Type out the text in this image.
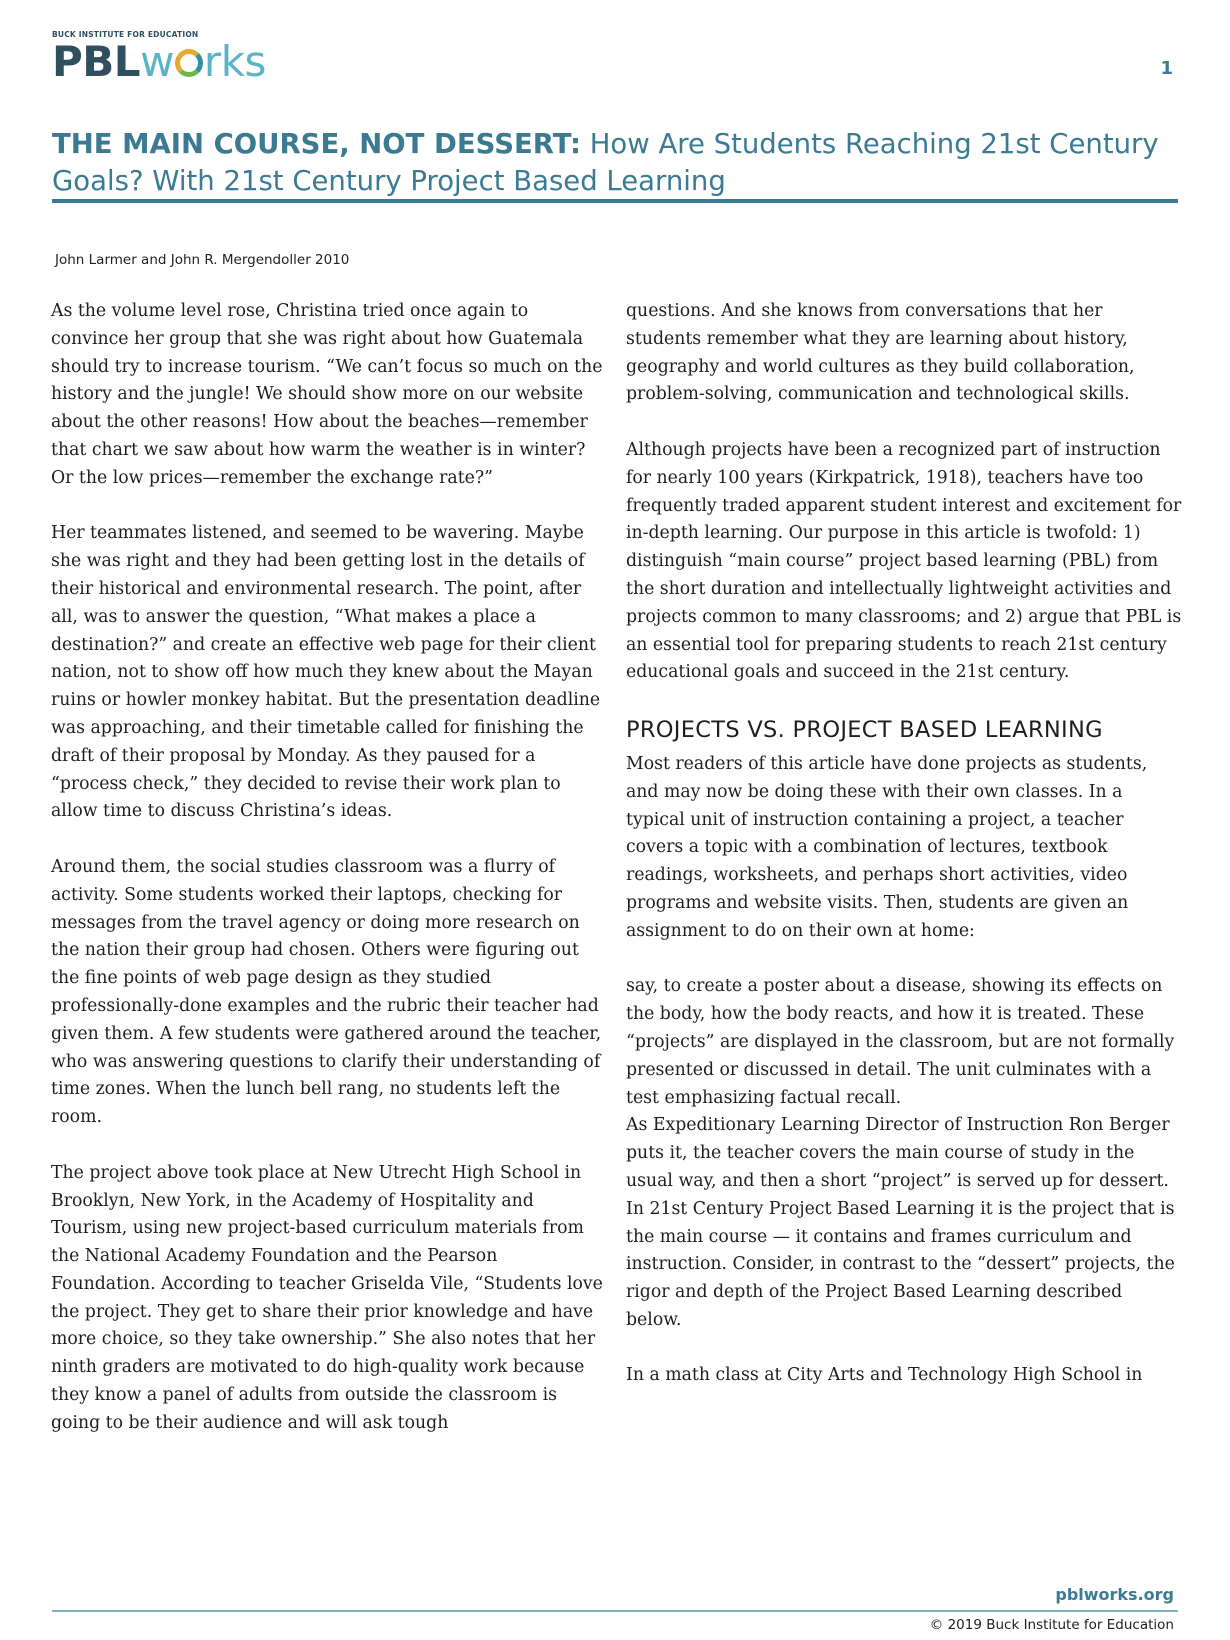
BUCK INSTITUTE FOR EDUCATION
PBLw rks	1
THE MAIN COURSE, NOT DESSERT: How Are Students Reaching 21st Century Goals? With 21st Century Project Based Learning
John Larmer and John R. Mergendoller 2010

As the volume level rose, Christina tried once again to convince her group that she was right about how Guatemala should try to increase tourism. “We can’t focus so much on the history and the jungle! We should show more on our website about the other reasons! How about the beaches—remember that chart we saw about how warm the weather is in winter? Or the low prices—remember the exchange rate?”

Her teammates listened, and seemed to be wavering. Maybe she was right and they had been getting lost in the details of their historical and environmental research. The point, after all, was to answer the question, “What makes a place a destination?” and create an effective web page for their client nation, not to show off how much they knew about the Mayan ruins or howler monkey habitat. But the presentation deadline was approaching, and their timetable called for finishing the draft of their proposal by Monday. As they paused for a “process check,” they decided to revise their work plan to allow time to discuss Christina’s ideas.

Around them, the social studies classroom was a flurry of activity. Some students worked their laptops, checking for messages from the travel agency or doing more research on the nation their group had chosen. Others were figuring out the fine points of web page design as they studied professionally-done examples and the rubric their teacher had given them. A few students were gathered around the teacher, who was answering questions to clarify their understanding of time zones. When the lunch bell rang, no students left the room.

The project above took place at New Utrecht High School in Brooklyn, New York, in the Academy of Hospitality and Tourism, using new project-based curriculum materials from the National Academy Foundation and the Pearson Foundation. According to teacher Griselda Vile, “Students love the project. They get to share their prior knowledge and have more choice, so they take ownership.” She also notes that her ninth graders are motivated to do high-quality work because they know a panel of adults from outside the classroom is going to be their audience and will ask tough

questions. And she knows from conversations that her students remember what they are learning about history, geography and world cultures as they build collaboration, problem-solving, communication and technological skills.

Although projects have been a recognized part of instruction for nearly 100 years (Kirkpatrick, 1918), teachers have too frequently traded apparent student interest and excitement for in-depth learning. Our purpose in this article is twofold: 1) distinguish “main course” project based learning (PBL) from the short duration and intellectually lightweight activities and projects common to many classrooms; and 2) argue that PBL is an essential tool for preparing students to reach 21st century educational goals and succeed in the 21st century.

PROJECTS VS. PROJECT BASED LEARNING

Most readers of this article have done projects as students, and may now be doing these with their own classes. In a typical unit of instruction containing a project, a teacher covers a topic with a combination of lectures, textbook readings, worksheets, and perhaps short activities, video programs and website visits. Then, students are given an assignment to do on their own at home:

say, to create a poster about a disease, showing its effects on the body, how the body reacts, and how it is treated. These “projects” are displayed in the classroom, but are not formally presented or discussed in detail. The unit culminates with a test emphasizing factual recall.

As Expeditionary Learning Director of Instruction Ron Berger puts it, the teacher covers the main course of study in the usual way, and then a short “project” is served up for dessert. In 21st Century Project Based Learning it is the project that is the main course — it contains and frames curriculum and instruction. Consider, in contrast to the “dessert” projects, the rigor and depth of the Project Based Learning described below.

In a math class at City Arts and Technology High School in

pblworks.org
© 2019 Buck Institute for Education
